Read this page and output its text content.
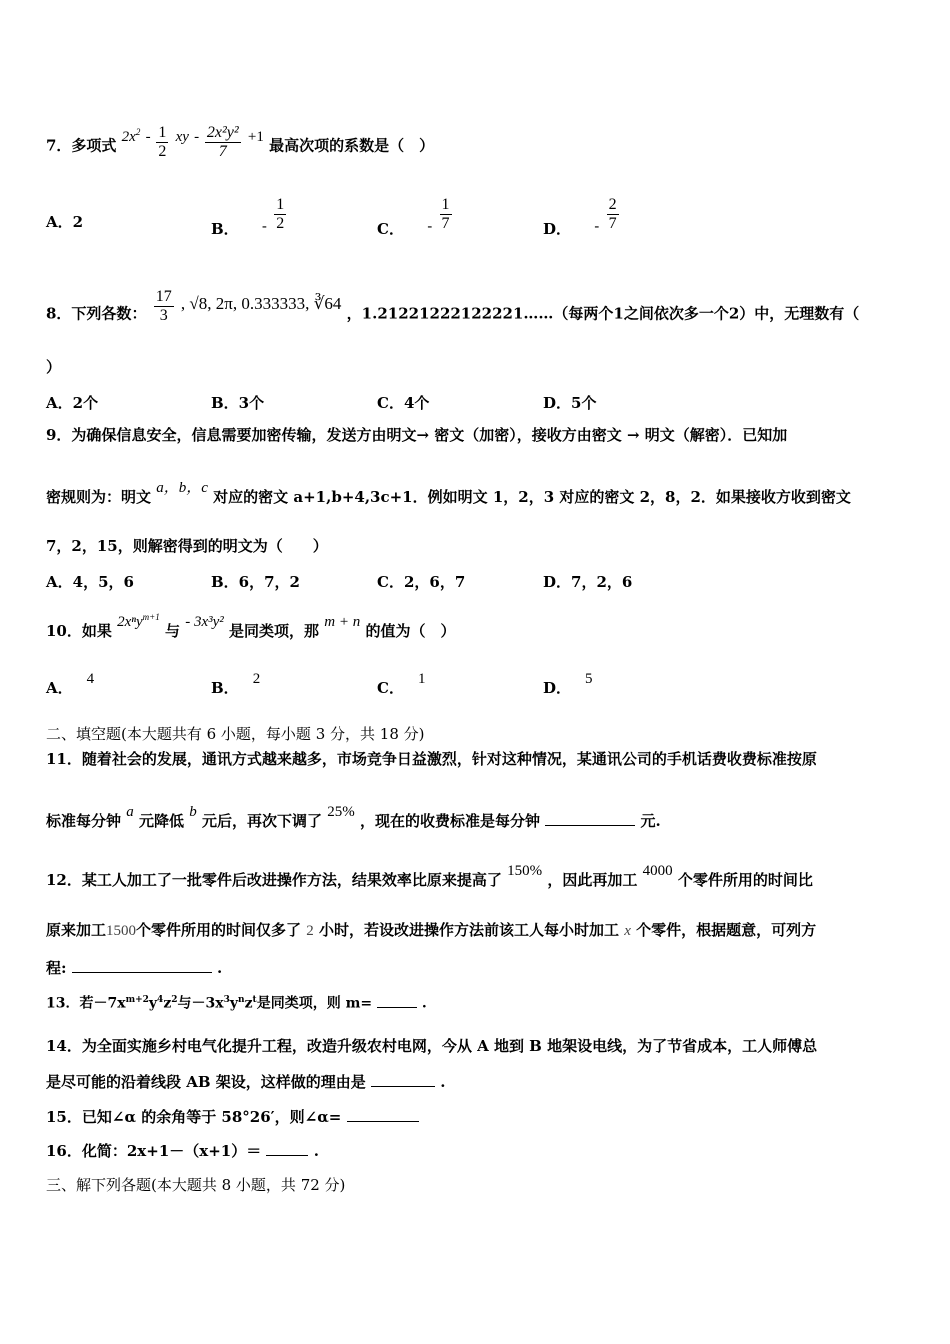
7．多项式 $2x^2 - \frac{1}{2}$ xy - $\frac{\text{2x²y²}}{7} +1$ 最高次项的系数是（　）
A．2	B． - $\frac{1}{2}$	C． - $\frac{1}{7}$	D． - $\frac{2}{7}$
8．下列各数： $\frac{17}{3}$ , √8, 2π, 0.333333, ∛64 ，1.21221222122221……（每两个1之间依次多一个2）中，无理数有（
）
A．2个	B．3个	C．4个	D．5个
9．为确保信息安全，信息需要加密传输，发送方由明文→ 密文（加密），接收方由密文 → 明文（解密）．已知加
密规则为：明文 a，b，c 对应的密文 a+1,b+4,3c+1．例如明文 1，2，3 对应的密文 2，8，2．如果接收方收到密文
7，2，15，则解密得到的明文为（　　）
A．4，5，6	B．6，7，2	C．2，6，7	D．7，2，6
10．如果 2xⁿy$^{m+1}$ 与 - 3x³y² 是同类项，那 m + n 的值为（　）
A． 4	B． 2	C． 1	D． 5
二、填空题(本大题共有 6 小题，每小题 3 分，共 18 分)
11．随着社会的发展，通讯方式越来越多，市场竞争日益激烈，针对这种情况，某通讯公司的手机话费收费标准按原
标准每分钟 a 元降低 b 元后，再次下调了 25% ，现在的收费标准是每分钟	元.
12．某工人加工了一批零件后改进操作方法，结果效率比原来提高了 150% ，因此再加工 4000 个零件所用的时间比
原来加工1500个零件所用的时间仅多了 2 小时，若设改进操作方法前该工人每小时加工 x 个零件，根据题意，可列方
程:	.
13．若$-7x^{m+2}y^4z^2$与$-3x^3y^nz^t$是同类项，则 m=	.
14．为全面实施乡村电气化提升工程，改造升级农村电网，今从 A 地到 B 地架设电线，为了节省成本，工人师傅总
是尽可能的沿着线段 AB 架设，这样做的理由是	.
15．已知∠α 的余角等于 58°26′，则∠α=
16．化简：2x+1－（x+1）＝	.
三、解下列各题(本大题共 8 小题，共 72 分)
